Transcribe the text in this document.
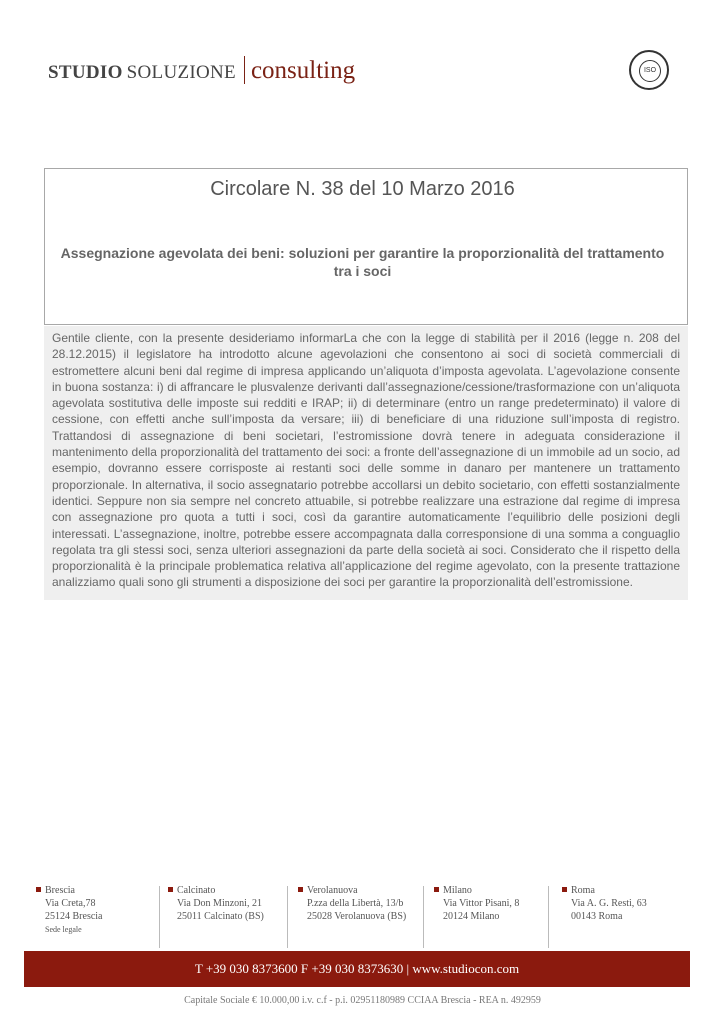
STUDIO SOLUZIONE consulting	ISO
Circolare N. 38 del 10 Marzo 2016
Assegnazione agevolata dei beni: soluzioni per garantire la proporzionalità del trattamento tra i soci
Gentile cliente, con la presente desideriamo informarLa che con la legge di stabilità per il 2016 (legge n. 208 del 28.12.2015) il legislatore ha introdotto alcune agevolazioni che consentono ai soci di società commerciali di estromettere alcuni beni dal regime di impresa applicando un’aliquota d’imposta agevolata. L’agevolazione consente in buona sostanza: i) di affrancare le plusvalenze derivanti dall’assegnazione/cessione/trasformazione con un’aliquota agevolata sostitutiva delle imposte sui redditi e IRAP; ii) di determinare (entro un range predeterminato) il valore di cessione, con effetti anche sull’imposta da versare; iii) di beneficiare di una riduzione sull’imposta di registro. Trattandosi di assegnazione di beni societari, l’estromissione dovrà tenere in adeguata considerazione il mantenimento della proporzionalità del trattamento dei soci: a fronte dell’assegnazione di un immobile ad un socio, ad esempio, dovranno essere corrisposte ai restanti soci delle somme in danaro per mantenere un trattamento proporzionale. In alternativa, il socio assegnatario potrebbe accollarsi un debito societario, con effetti sostanzialmente identici. Seppure non sia sempre nel concreto attuabile, si potrebbe realizzare una estrazione dal regime di impresa con assegnazione pro quota a tutti i soci, così da garantire automaticamente l’equilibrio delle posizioni degli interessati. L’assegnazione, inoltre, potrebbe essere accompagnata dalla corresponsione di una somma a conguaglio regolata tra gli stessi soci, senza ulteriori assegnazioni da parte della società ai soci. Considerato che il rispetto della proporzionalità è la principale problematica relativa all’applicazione del regime agevolato, con la presente trattazione analizziamo quali sono gli strumenti a disposizione dei soci per garantire la proporzionalità dell’estromissione.
Brescia
Via Creta,78
25124 Brescia
Sede legale
Calcinato
Via Don Minzoni, 21
25011 Calcinato (BS)
Verolanuova
P.zza della Libertà, 13/b
25028 Verolanuova (BS)
Milano
Via Vittor Pisani, 8
20124 Milano
Roma
Via A. G. Resti, 63
00143 Roma
T +39 030 8373600 F +39 030 8373630 | www.studiocon.com
Capitale Sociale € 10.000,00 i.v. c.f - p.i. 02951180989 CCIAA Brescia - REA n. 492959
